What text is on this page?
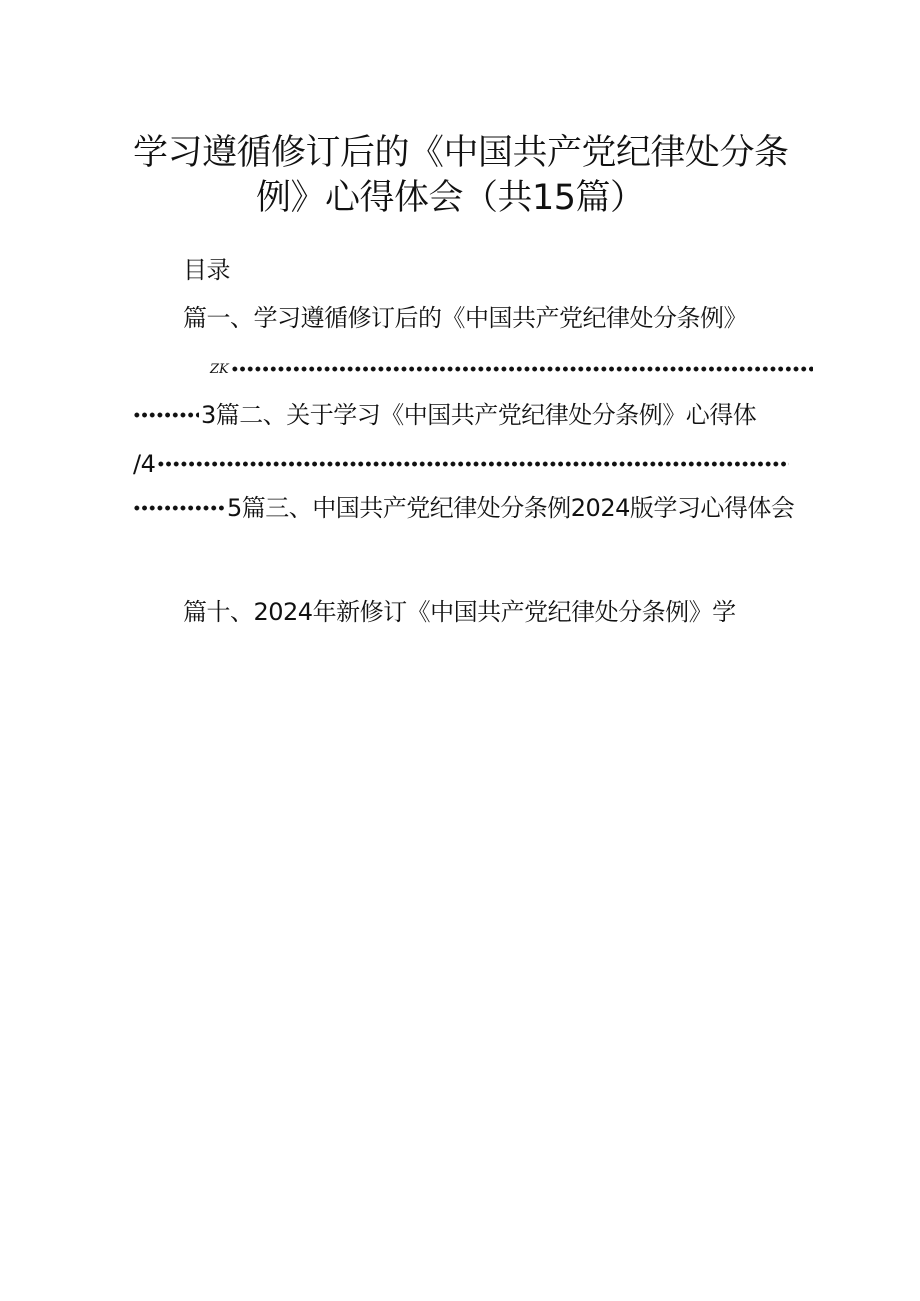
学习遵循修订后的《中国共产党纪律处分条
例》心得体会（共15篇）
目录
篇一、学习遵循修订后的《中国共产党纪律处分条例》
ZK
3 篇二、关于学习《中国共产党纪律处分条例》心得体
/4
5 篇三、中国共产党纪律处分条例2024版学习心得体会
篇十、2024年新修订《中国共产党纪律处分条例》学
